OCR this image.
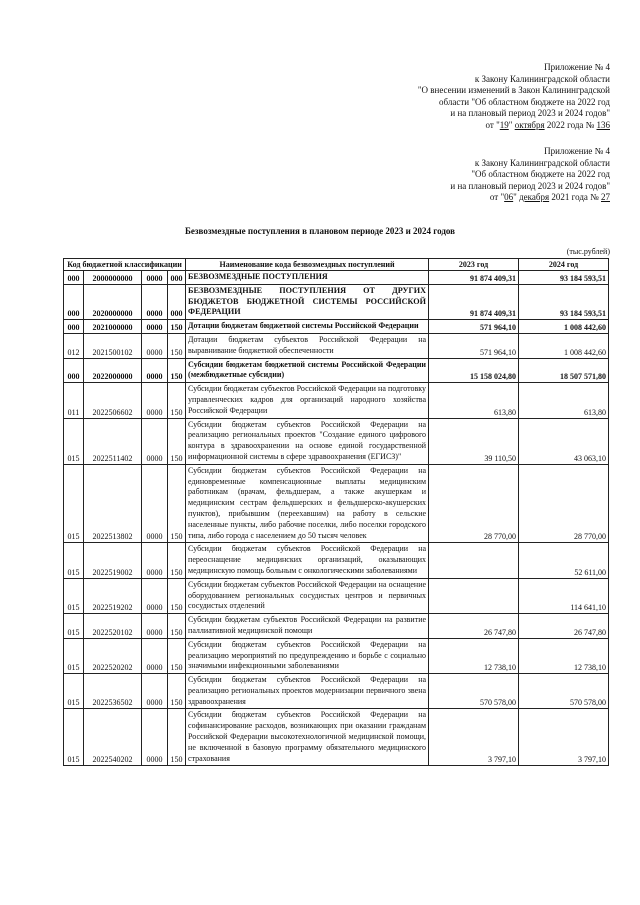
Приложение № 4
к Закону Калининградской области
"О внесении изменений в Закон Калининградской
области "Об областном бюджете на 2022 год
и на плановый период 2023 и 2024 годов"
от "19" октября 2022 года № 136
Приложение № 4
к Закону Калининградской области
"Об областном бюджете на 2022 год
и на плановый период 2023 и 2024 годов"
от "06" декабря 2021 года № 27
Безвозмездные поступления в плановом периоде 2023 и 2024 годов
(тыс.рублей)
Код бюджетной классификации				Наименование кода безвозмездных поступлений	2023 год	2024 год
000	2000000000	0000	000	БЕЗВОЗМЕЗДНЫЕ ПОСТУПЛЕНИЯ	91 874 409,31	93 184 593,51
000	2020000000	0000	000	БЕЗВОЗМЕЗДНЫЕ ПОСТУПЛЕНИЯ ОТ ДРУГИХ БЮДЖЕТОВ БЮДЖЕТНОЙ СИСТЕМЫ РОССИЙСКОЙ ФЕДЕРАЦИИ	91 874 409,31	93 184 593,51
000	2021000000	0000	150	Дотации бюджетам бюджетной системы Российской Федерации	571 964,10	1 008 442,60
012	2021500102	0000	150	Дотации бюджетам субъектов Российской Федерации на выравнивание бюджетной обеспеченности	571 964,10	1 008 442,60
000	2022000000	0000	150	Субсидии бюджетам бюджетной системы Российской Федерации (межбюджетные субсидии)	15 158 024,80	18 507 571,80
011	2022506602	0000	150	Субсидии бюджетам субъектов Российской Федерации на подготовку управленческих кадров для организаций народного хозяйства Российской Федерации	613,80	613,80
015	2022511402	0000	150	Субсидии бюджетам субъектов Российской Федерации на реализацию региональных проектов "Создание единого цифрового контура в здравоохранении на основе единой государственной информационной системы в сфере здравоохранения (ЕГИСЗ)"	39 110,50	43 063,10
015	2022513802	0000	150	Субсидии бюджетам субъектов Российской Федерации на единовременные компенсационные выплаты медицинским работникам (врачам, фельдшерам, а также акушеркам и медицинским сестрам фельдшерских и фельдшерско-акушерских пунктов), прибывшим (переехавшим) на работу в сельские населенные пункты, либо рабочие поселки, либо поселки городского типа, либо города с населением до 50 тысяч человек	28 770,00	28 770,00
015	2022519002	0000	150	Субсидии бюджетам субъектов Российской Федерации на переоснащение медицинских организаций, оказывающих медицинскую помощь больным с онкологическими заболеваниями		52 611,00
015	2022519202	0000	150	Субсидии бюджетам субъектов Российской Федерации на оснащение оборудованием региональных сосудистых центров и первичных сосудистых отделений		114 641,10
015	2022520102	0000	150	Субсидии бюджетам субъектов Российской Федерации на развитие паллиативной медицинской помощи	26 747,80	26 747,80
015	2022520202	0000	150	Субсидии бюджетам субъектов Российской Федерации на реализацию мероприятий по предупреждению и борьбе с социально значимыми инфекционными заболеваниями	12 738,10	12 738,10
015	2022536502	0000	150	Субсидии бюджетам субъектов Российской Федерации на реализацию региональных проектов модернизации первичного звена здравоохранения	570 578,00	570 578,00
015	2022540202	0000	150	Субсидии бюджетам субъектов Российской Федерации на софинансирование расходов, возникающих при оказании гражданам Российской Федерации высокотехнологичной медицинской помощи, не включенной в базовую программу обязательного медицинского страхования	3 797,10	3 797,10
